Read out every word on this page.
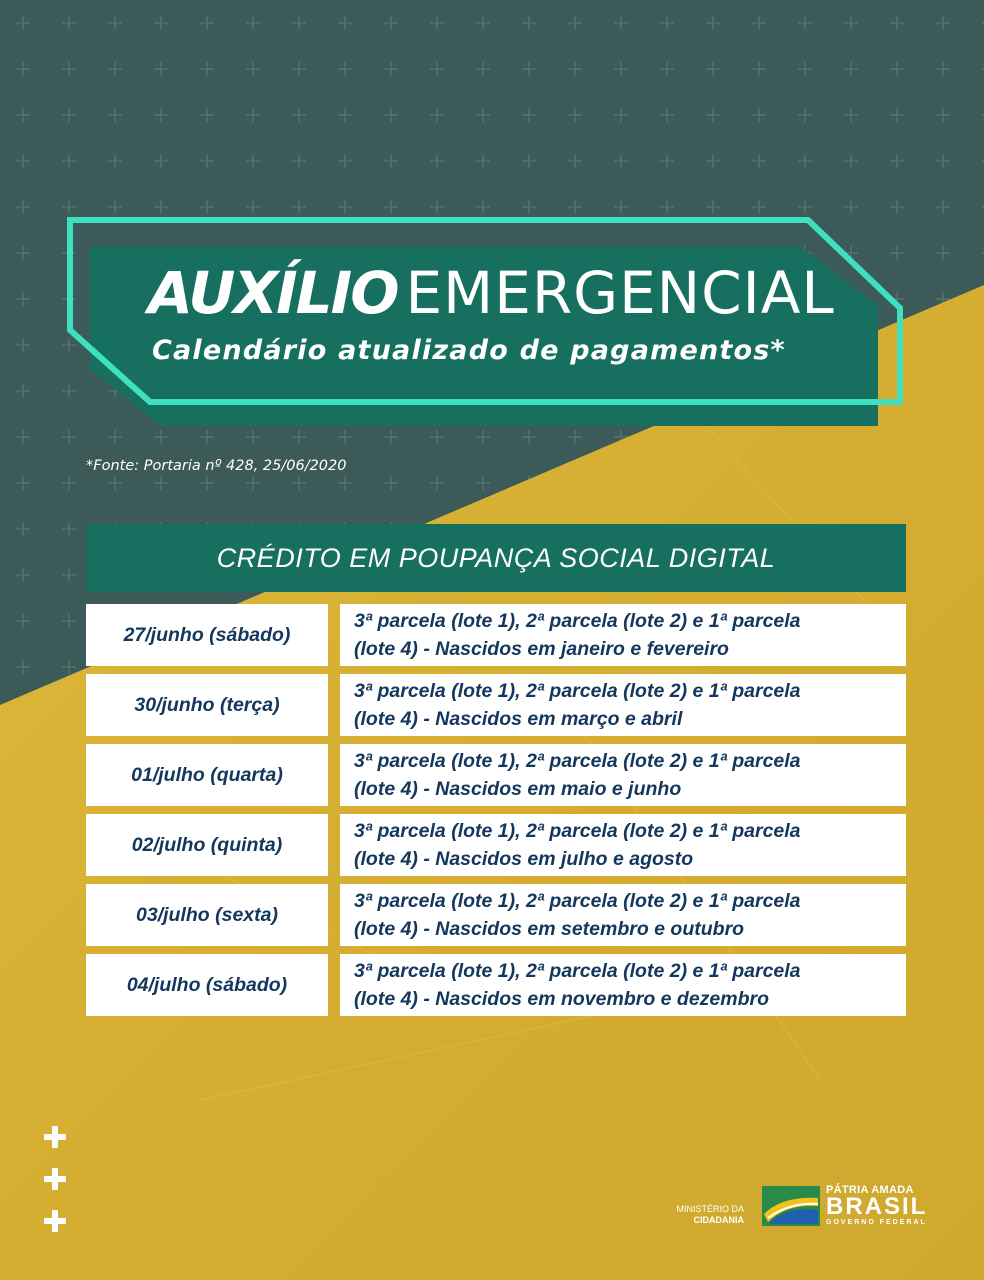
AUXÍLIO EMERGENCIAL
Calendário atualizado de pagamentos*
*Fonte: Portaria nº 428, 25/06/2020
CRÉDITO EM POUPANÇA SOCIAL DIGITAL
27/junho (sábado)
3ª parcela (lote 1), 2ª parcela (lote 2) e 1ª parcela
(lote 4) - Nascidos em janeiro e fevereiro
30/junho (terça)
3ª parcela (lote 1), 2ª parcela (lote 2) e 1ª parcela
(lote 4) - Nascidos em março e abril
01/julho (quarta)
3ª parcela (lote 1), 2ª parcela (lote 2) e 1ª parcela
(lote 4) - Nascidos em maio e junho
02/julho (quinta)
3ª parcela (lote 1), 2ª parcela (lote 2) e 1ª parcela
(lote 4) - Nascidos em julho e agosto
03/julho (sexta)
3ª parcela (lote 1), 2ª parcela (lote 2) e 1ª parcela
(lote 4) - Nascidos em setembro e outubro
04/julho (sábado)
3ª parcela (lote 1), 2ª parcela (lote 2) e 1ª parcela
(lote 4) - Nascidos em novembro e dezembro
MINISTÉRIO DA
CIDADANIA
PÁTRIA AMADA
BRASIL
GOVERNO FEDERAL
